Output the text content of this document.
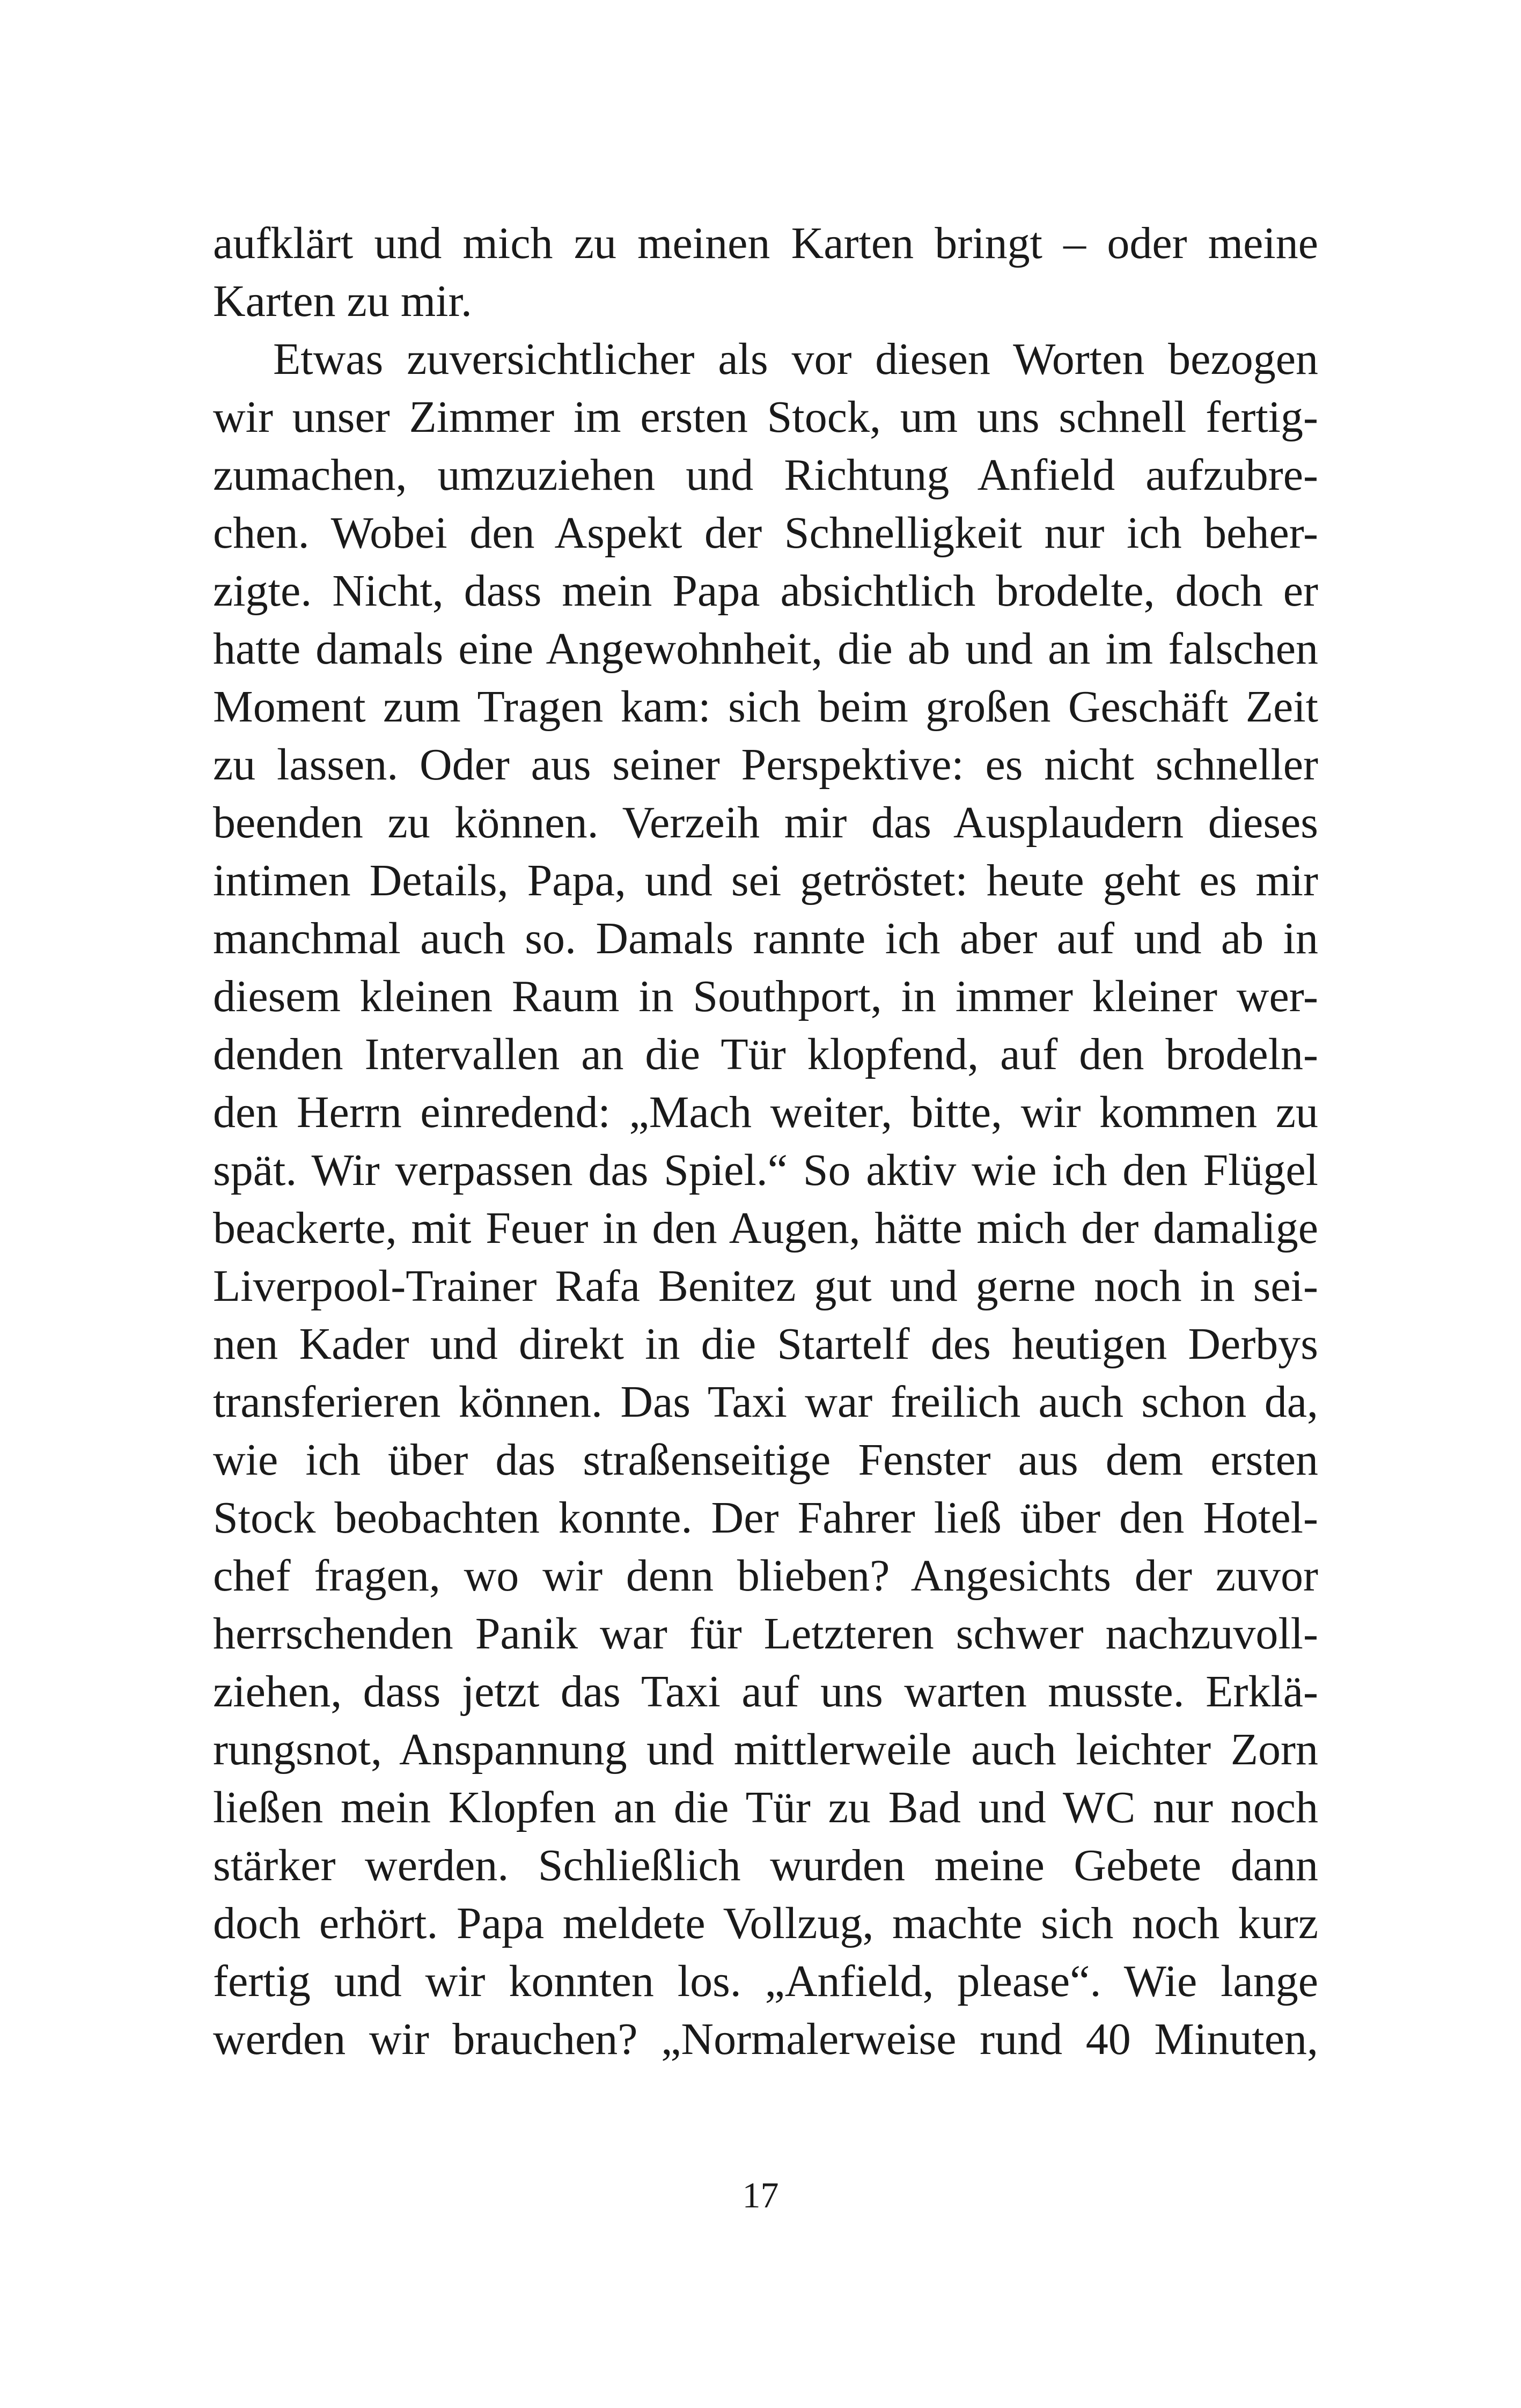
aufklärt und mich zu meinen Karten bringt – oder meine
Karten zu mir.
Etwas zuversichtlicher als vor diesen Worten bezogen
wir unser Zimmer im ersten Stock, um uns schnell fertig-
zumachen, umzuziehen und Richtung Anfield aufzubre-
chen. Wobei den Aspekt der Schnelligkeit nur ich beher-
zigte. Nicht, dass mein Papa absichtlich brodelte, doch er
hatte damals eine Angewohnheit, die ab und an im falschen
Moment zum Tragen kam: sich beim großen Geschäft Zeit
zu lassen. Oder aus seiner Perspektive: es nicht schneller
beenden zu können. Verzeih mir das Ausplaudern dieses
intimen Details, Papa, und sei getröstet: heute geht es mir
manchmal auch so. Damals rannte ich aber auf und ab in
diesem kleinen Raum in Southport, in immer kleiner wer-
denden Intervallen an die Tür klopfend, auf den brodeln-
den Herrn einredend: „Mach weiter, bitte, wir kommen zu
spät. Wir verpassen das Spiel.“ So aktiv wie ich den Flügel
beackerte, mit Feuer in den Augen, hätte mich der damalige
Liverpool-Trainer Rafa Benitez gut und gerne noch in sei-
nen Kader und direkt in die Startelf des heutigen Derbys
transferieren können. Das Taxi war freilich auch schon da,
wie ich über das straßenseitige Fenster aus dem ersten
Stock beobachten konnte. Der Fahrer ließ über den Hotel-
chef fragen, wo wir denn blieben? Angesichts der zuvor
herrschenden Panik war für Letzteren schwer nachzuvoll-
ziehen, dass jetzt das Taxi auf uns warten musste. Erklä-
rungsnot, Anspannung und mittlerweile auch leichter Zorn
ließen mein Klopfen an die Tür zu Bad und WC nur noch
stärker werden. Schließlich wurden meine Gebete dann
doch erhört. Papa meldete Vollzug, machte sich noch kurz
fertig und wir konnten los. „Anfield, please“. Wie lange
werden wir brauchen? „Normalerweise rund 40 Minuten,
17
